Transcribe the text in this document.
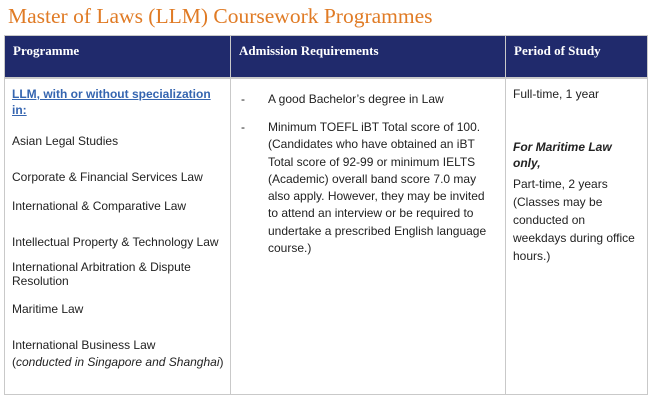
Master of Laws (LLM) Coursework Programmes
Programme	Admission Requirements	Period of Study
LLM, with or without specialization
in:
Asian Legal Studies
Corporate & Financial Services Law
International & Comparative Law
Intellectual Property & Technology Law
International Arbitration & Dispute
Resolution
Maritime Law
International Business Law
(conducted in Singapore and Shanghai)
- A good Bachelor’s degree in Law
- Minimum TOEFL iBT Total score of 100.
(Candidates who have obtained an iBT
Total score of 92-99 or minimum IELTS
(Academic) overall band score 7.0 may
also apply. However, they may be invited
to attend an interview or be required to
undertake a prescribed English language
course.)
Full-time, 1 year
For Maritime Law
only,
Part-time, 2 years
(Classes may be
conducted on
weekdays during office
hours.)
